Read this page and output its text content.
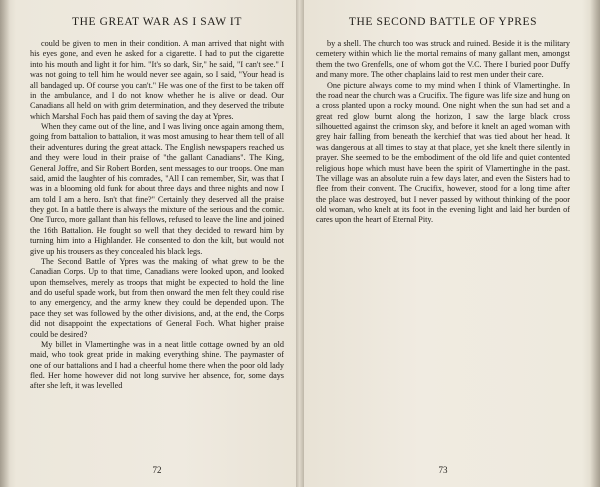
THE GREAT WAR AS I SAW IT

could be given to men in their condition. A man arrived that night with his eyes gone, and even he asked for a cigarette. I had to put the cigarette into his mouth and light it for him. "It's so dark, Sir," he said, "I can't see." I was not going to tell him he would never see again, so I said, "Your head is all bandaged up. Of course you can't." He was one of the first to be taken off in the ambulance, and I do not know whether he is alive or dead. Our Canadians all held on with grim determination, and they deserved the tribute which Marshal Foch has paid them of saving the day at Ypres.

When they came out of the line, and I was living once again among them, going from battalion to battalion, it was most amusing to hear them tell of all their adventures during the great attack. The English newspapers reached us and they were loud in their praise of "the gallant Canadians". The King, General Joffre, and Sir Robert Borden, sent messages to our troops. One man said, amid the laughter of his comrades, "All I can remember, Sir, was that I was in a blooming old funk for about three days and three nights and now I am told I am a hero. Isn't that fine?" Certainly they deserved all the praise they got. In a battle there is always the mixture of the serious and the comic. One Turco, more gallant than his fellows, refused to leave the line and joined the 16th Battalion. He fought so well that they decided to reward him by turning him into a Highlander. He consented to don the kilt, but would not give up his trousers as they concealed his black legs.

The Second Battle of Ypres was the making of what grew to be the Canadian Corps. Up to that time, Canadians were looked upon, and looked upon themselves, merely as troops that might be expected to hold the line and do useful spade work, but from then onward the men felt they could rise to any emergency, and the army knew they could be depended upon. The pace they set was followed by the other divisions, and, at the end, the Corps did not disappoint the expectations of General Foch. What higher praise could be desired?

My billet in Vlamertinghe was in a neat little cottage owned by an old maid, who took great pride in making everything shine. The paymaster of one of our battalions and I had a cheerful home there when the poor old lady fled. Her home however did not long survive her absence, for, some days after she left, it was levelled

72
THE SECOND BATTLE OF YPRES

by a shell. The church too was struck and ruined. Beside it is the military cemetery within which lie the mortal remains of many gallant men, amongst them the two Grenfells, one of whom got the V.C. There I buried poor Duffy and many more. The other chaplains laid to rest men under their care.

One picture always come to my mind when I think of Vlamertinghe. In the road near the church was a Crucifix. The figure was life size and hung on a cross planted upon a rocky mound. One night when the sun had set and a great red glow burnt along the horizon, I saw the large black cross silhouetted against the crimson sky, and before it knelt an aged woman with grey hair falling from beneath the kerchief that was tied about her head. It was dangerous at all times to stay at that place, yet she knelt there silently in prayer. She seemed to be the embodiment of the old life and quiet contented religious hope which must have been the spirit of Vlamertinghe in the past. The village was an absolute ruin a few days later, and even the Sisters had to flee from their convent. The Crucifix, however, stood for a long time after the place was destroyed, but I never passed by without thinking of the poor old woman, who knelt at its foot in the evening light and laid her burden of cares upon the heart of Eternal Pity.

73
